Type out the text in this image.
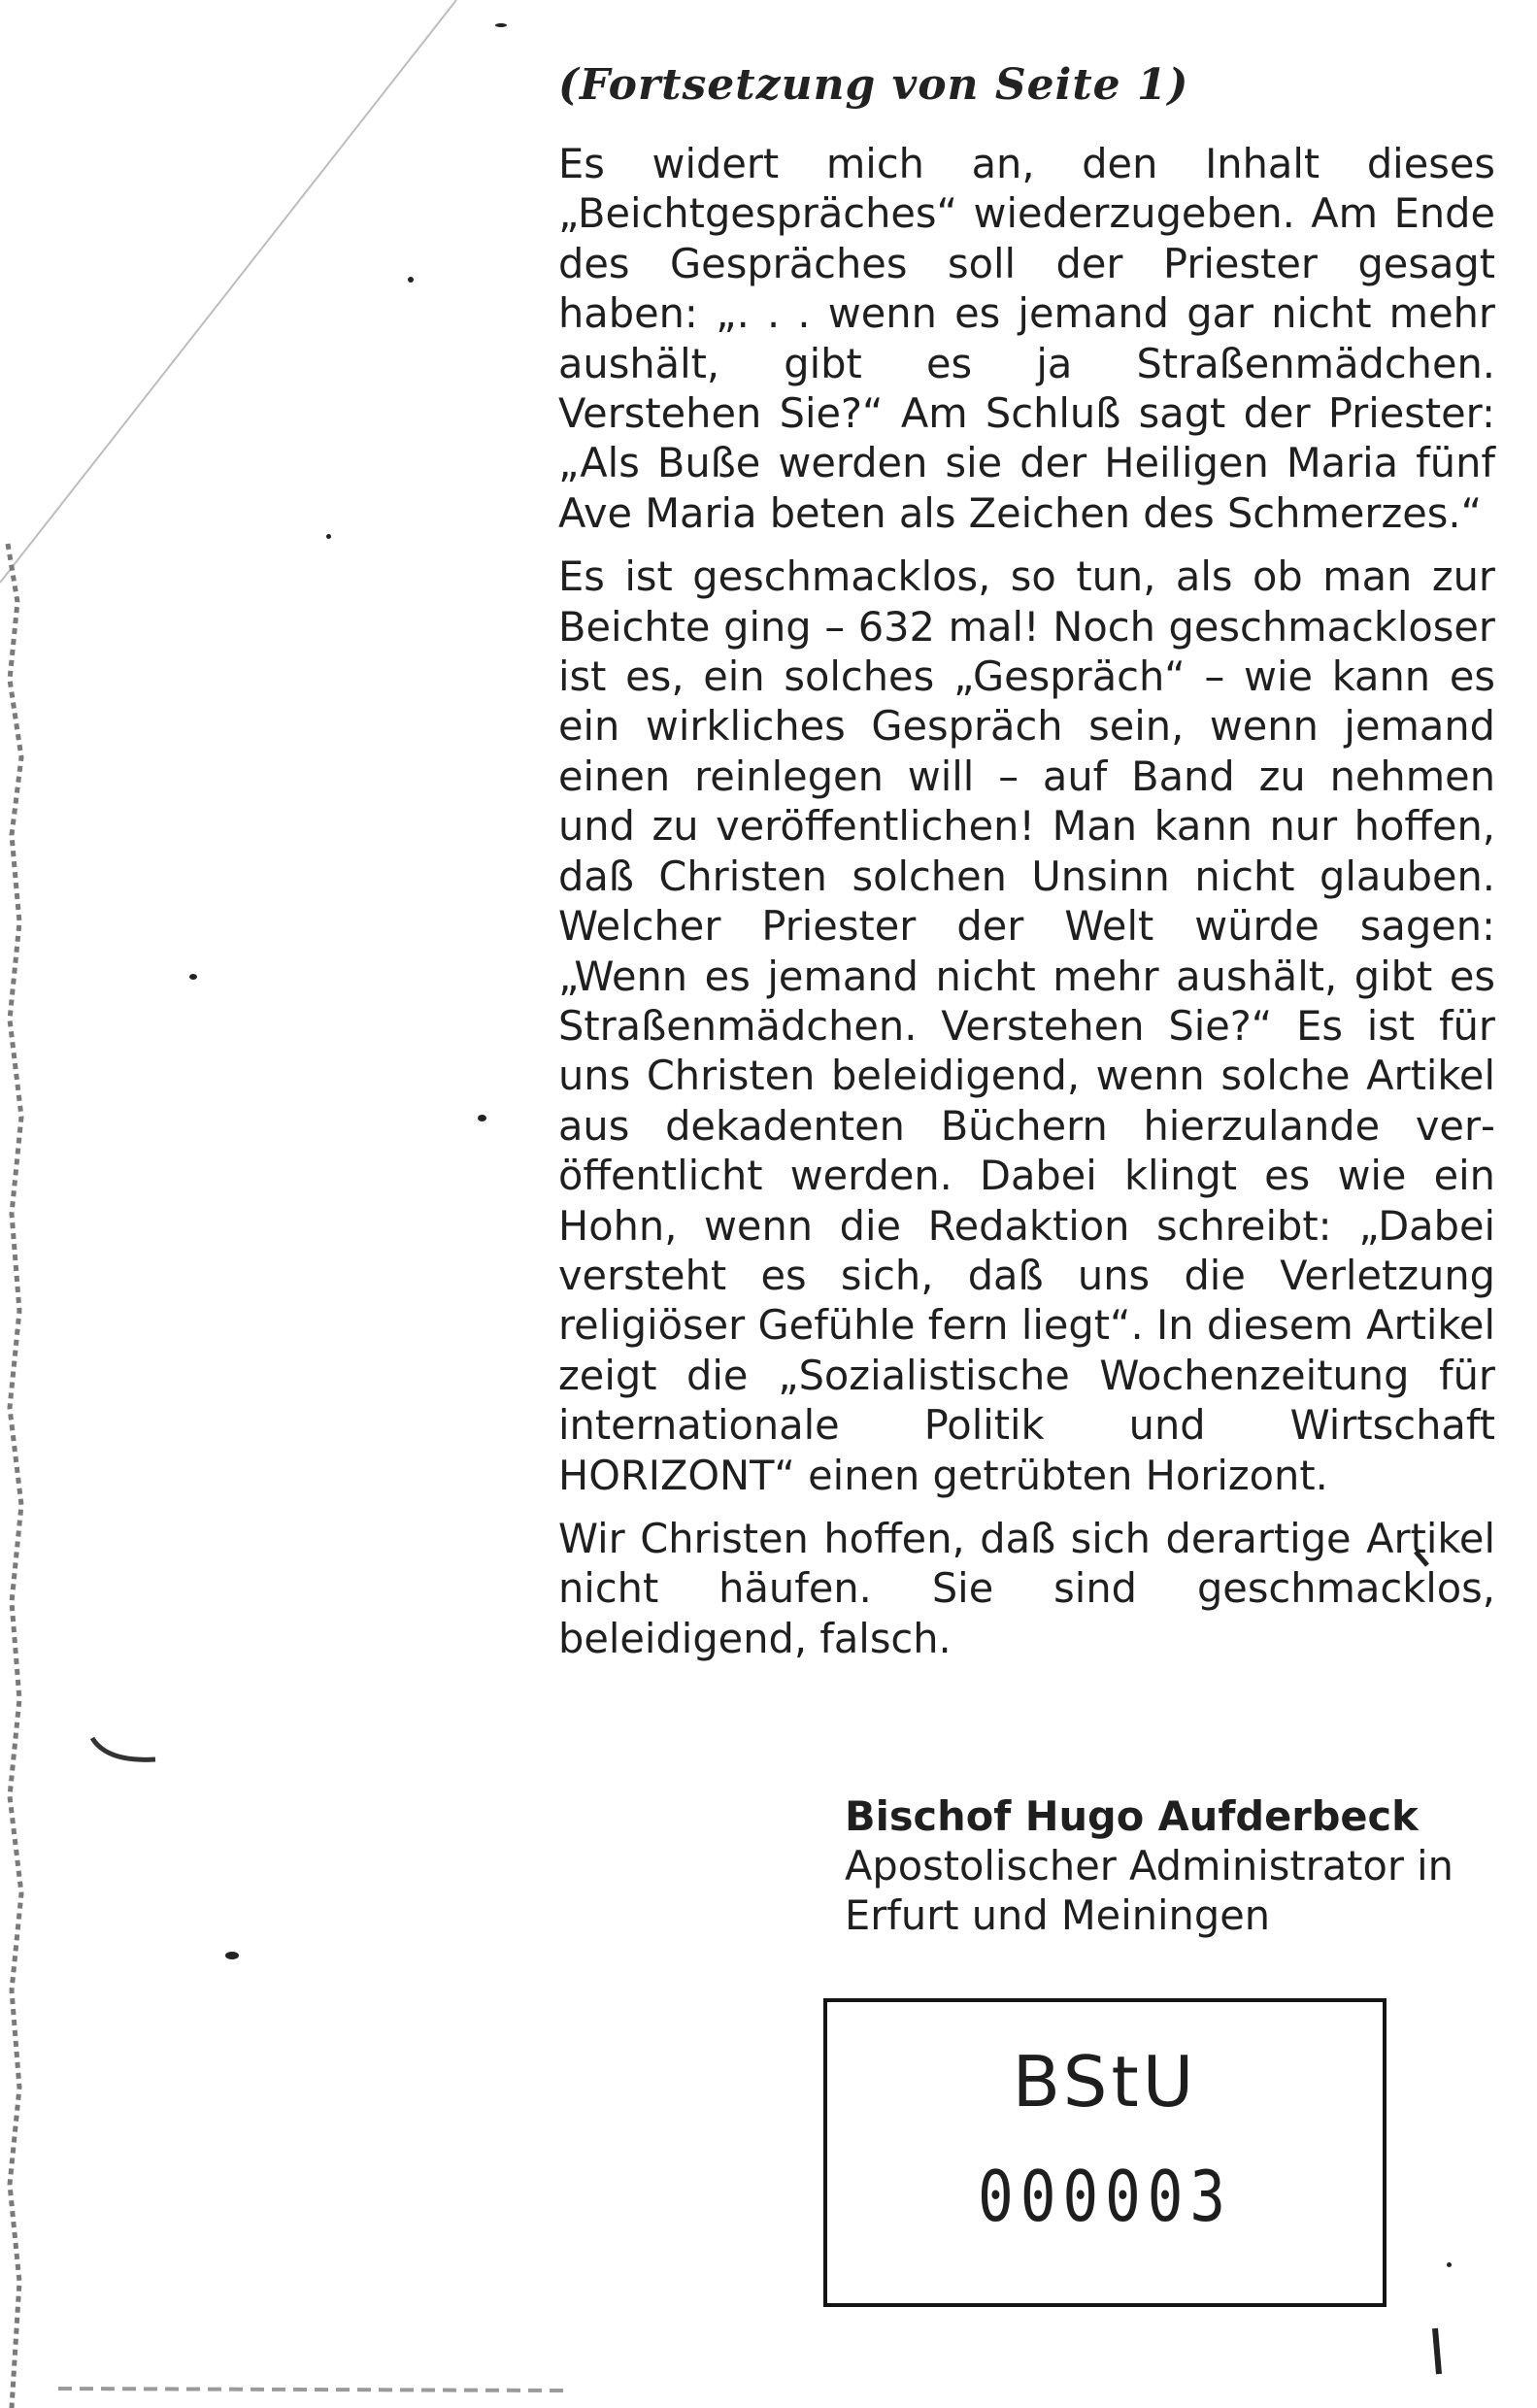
(Fortsetzung von Seite 1)

Es widert mich an, den Inhalt dieses „Beichtgespräches“ wiederzugeben. Am Ende des Gespräches soll der Priester gesagt haben: „. . . wenn es jemand gar nicht mehr aushält, gibt es ja Straßenmädchen. Verstehen Sie?“ Am Schluß sagt der Priester: „Als Buße werden sie der Heiligen Maria fünf Ave Maria beten als Zeichen des Schmerzes.“

Es ist geschmacklos, so tun, als ob man zur Beichte ging – 632 mal! Noch geschmackloser ist es, ein solches „Gespräch“ – wie kann es ein wirkliches Gespräch sein, wenn jemand einen reinlegen will – auf Band zu nehmen und zu veröffentlichen! Man kann nur hoffen, daß Christen solchen Unsinn nicht glauben. Welcher Priester der Welt würde sagen: „Wenn es jemand nicht mehr aushält, gibt es Straßenmädchen. Verstehen Sie?“ Es ist für uns Christen beleidigend, wenn solche Artikel aus dekadenten Büchern hierzulande veröffentlicht werden. Dabei klingt es wie ein Hohn, wenn die Redaktion schreibt: „Dabei versteht es sich, daß uns die Verletzung religiöser Gefühle fern liegt“. In diesem Artikel zeigt die „Sozialistische Wochenzeitung für internationale Politik und Wirtschaft HORIZONT“ einen getrübten Horizont.

Wir Christen hoffen, daß sich derartige Artikel nicht häufen. Sie sind geschmacklos, beleidigend, falsch.

Bischof Hugo Aufderbeck
Apostolischer Administrator in
Erfurt und Meiningen
BStU
000003
